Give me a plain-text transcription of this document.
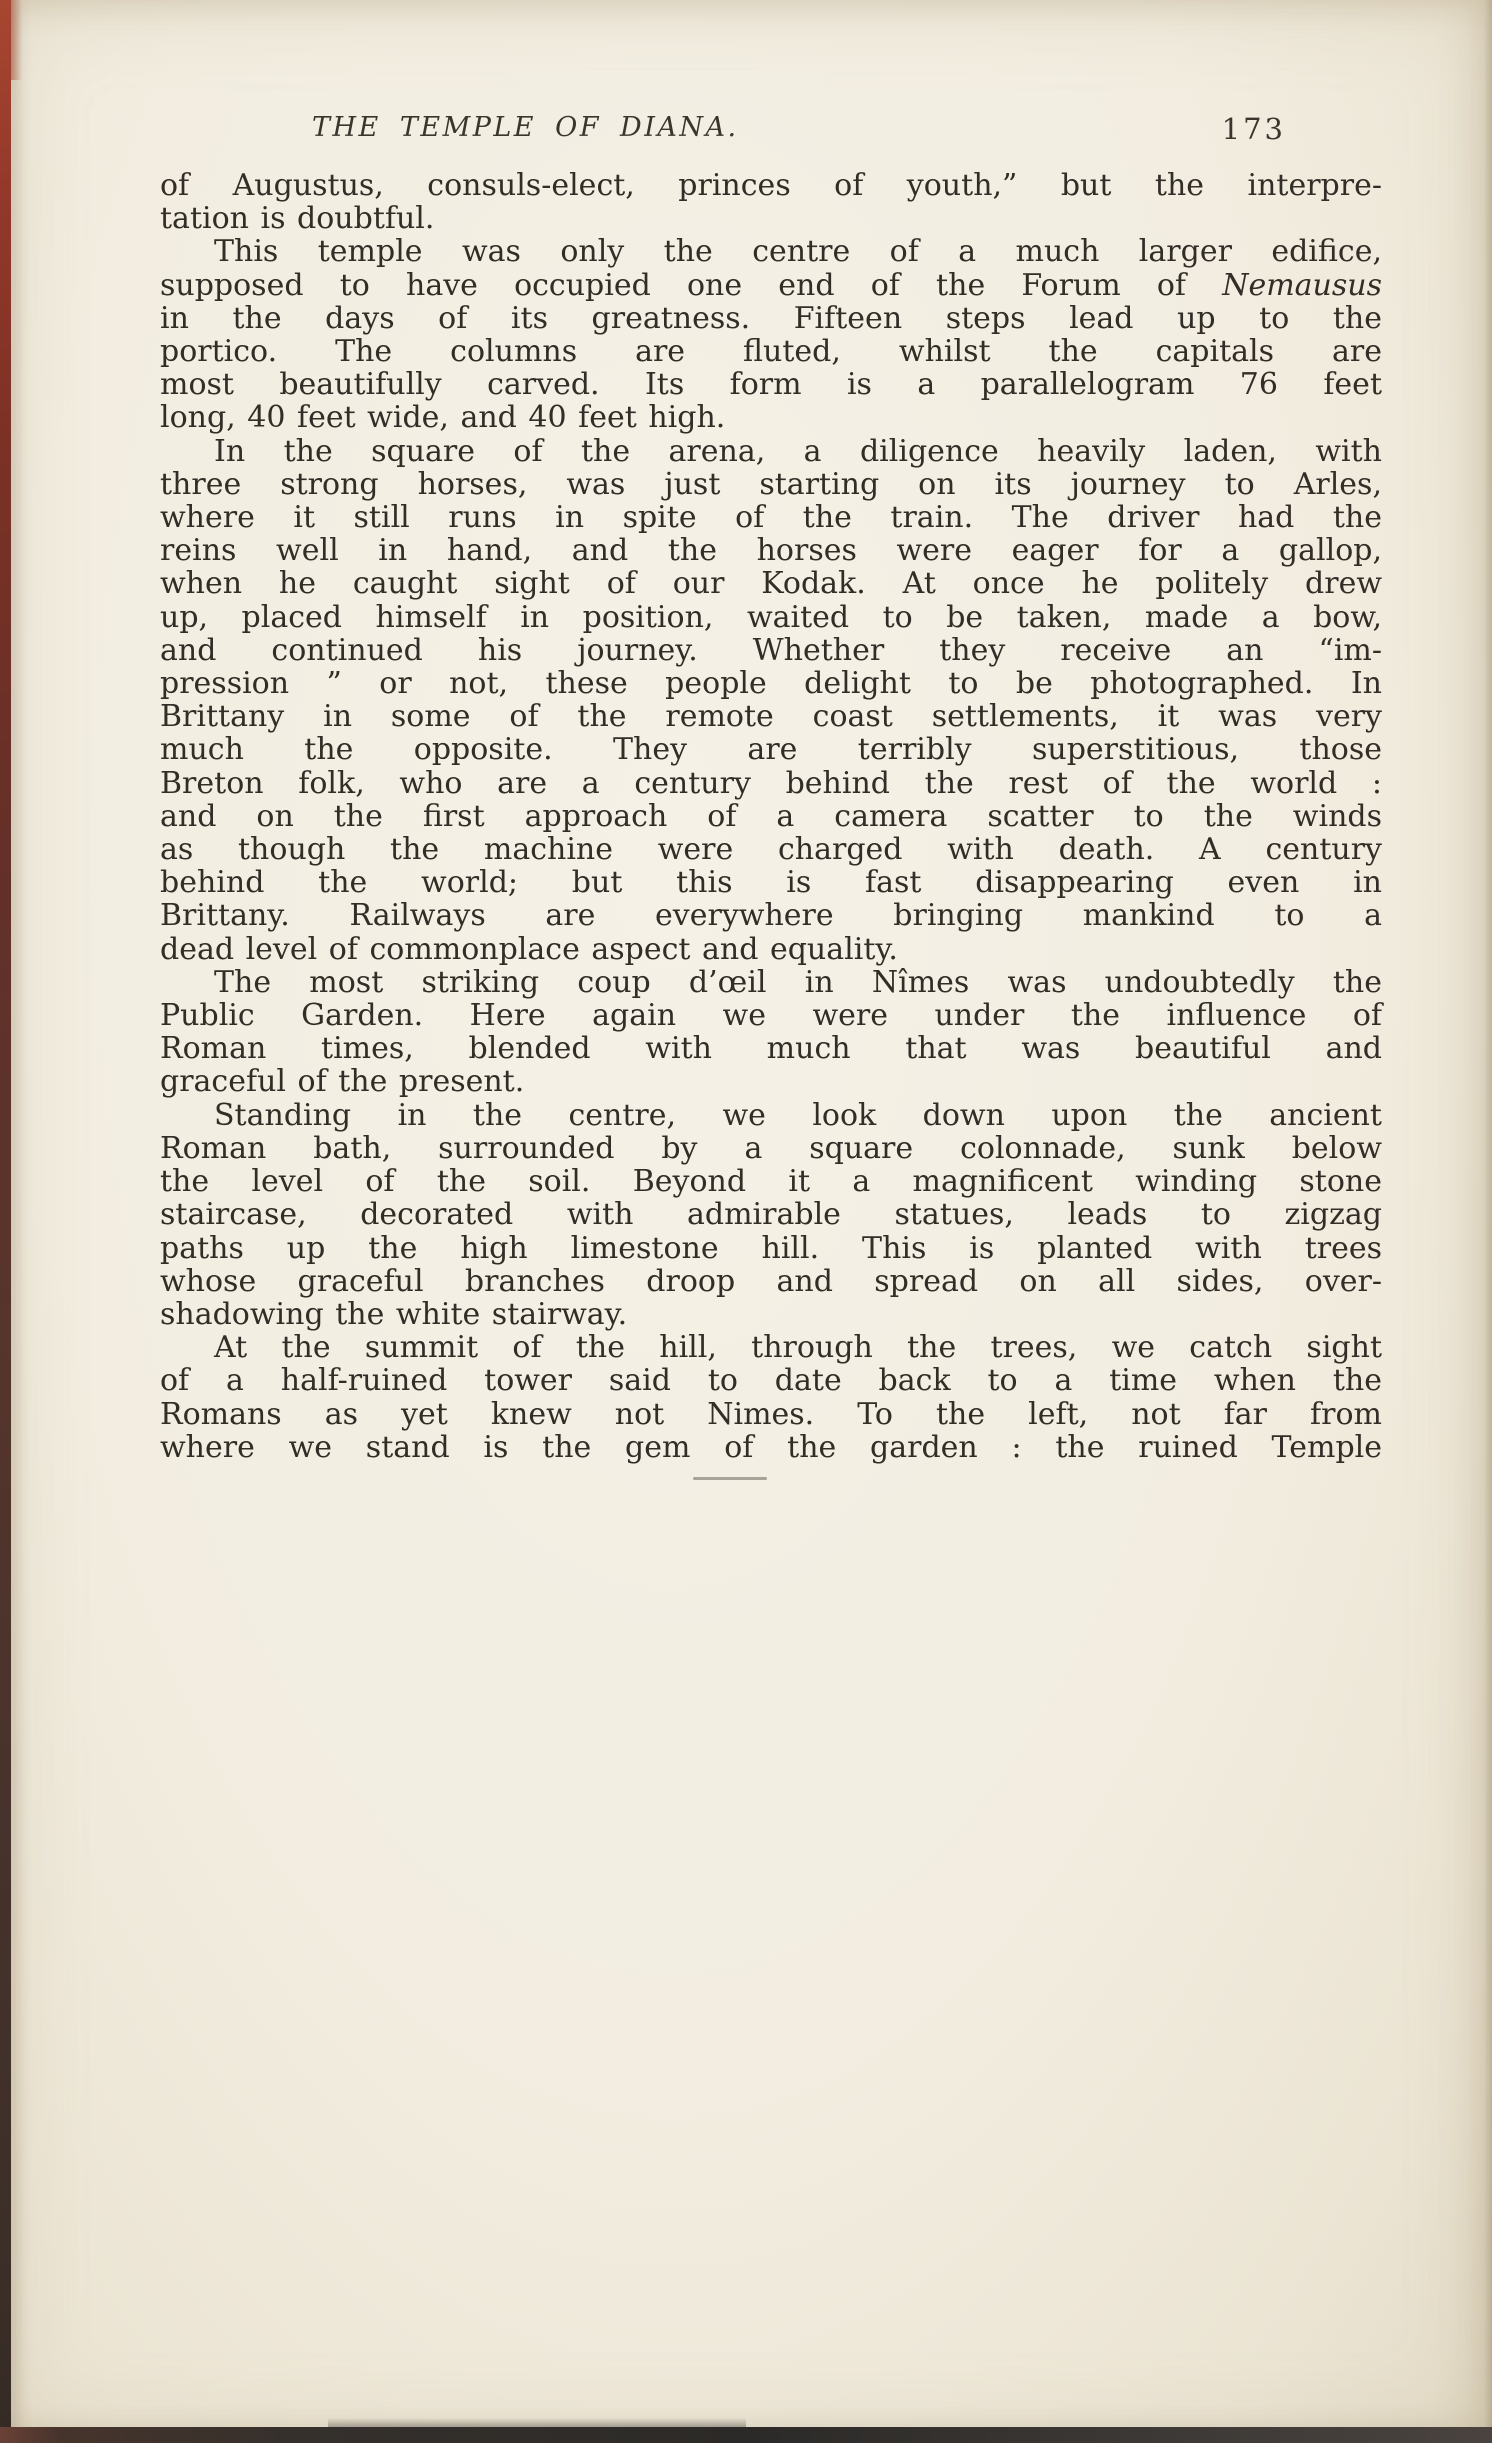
THE TEMPLE OF DIANA.	173
of Augustus, consuls-elect, princes of youth,” but the interpre-
tation is doubtful.
This temple was only the centre of a much larger edifice,
supposed to have occupied one end of the Forum of Nemausus
in the days of its greatness. Fifteen steps lead up to the
portico. The columns are fluted, whilst the capitals are
most beautifully carved. Its form is a parallelogram 76 feet
long, 40 feet wide, and 40 feet high.
In the square of the arena, a diligence heavily laden, with
three strong horses, was just starting on its journey to Arles,
where it still runs in spite of the train. The driver had the
reins well in hand, and the horses were eager for a gallop,
when he caught sight of our Kodak. At once he politely drew
up, placed himself in position, waited to be taken, made a bow,
and continued his journey. Whether they receive an “im-
pression ” or not, these people delight to be photographed. In
Brittany in some of the remote coast settlements, it was very
much the opposite. They are terribly superstitious, those
Breton folk, who are a century behind the rest of the world :
and on the first approach of a camera scatter to the winds
as though the machine were charged with death. A century
behind the world; but this is fast disappearing even in
Brittany. Railways are everywhere bringing mankind to a
dead level of commonplace aspect and equality.
The most striking coup d’œil in Nîmes was undoubtedly the
Public Garden. Here again we were under the influence of
Roman times, blended with much that was beautiful and
graceful of the present.
Standing in the centre, we look down upon the ancient
Roman bath, surrounded by a square colonnade, sunk below
the level of the soil. Beyond it a magnificent winding stone
staircase, decorated with admirable statues, leads to zigzag
paths up the high limestone hill. This is planted with trees
whose graceful branches droop and spread on all sides, over-
shadowing the white stairway.
At the summit of the hill, through the trees, we catch sight
of a half-ruined tower said to date back to a time when the
Romans as yet knew not Nimes. To the left, not far from
where we stand is the gem of the garden : the ruined Temple
